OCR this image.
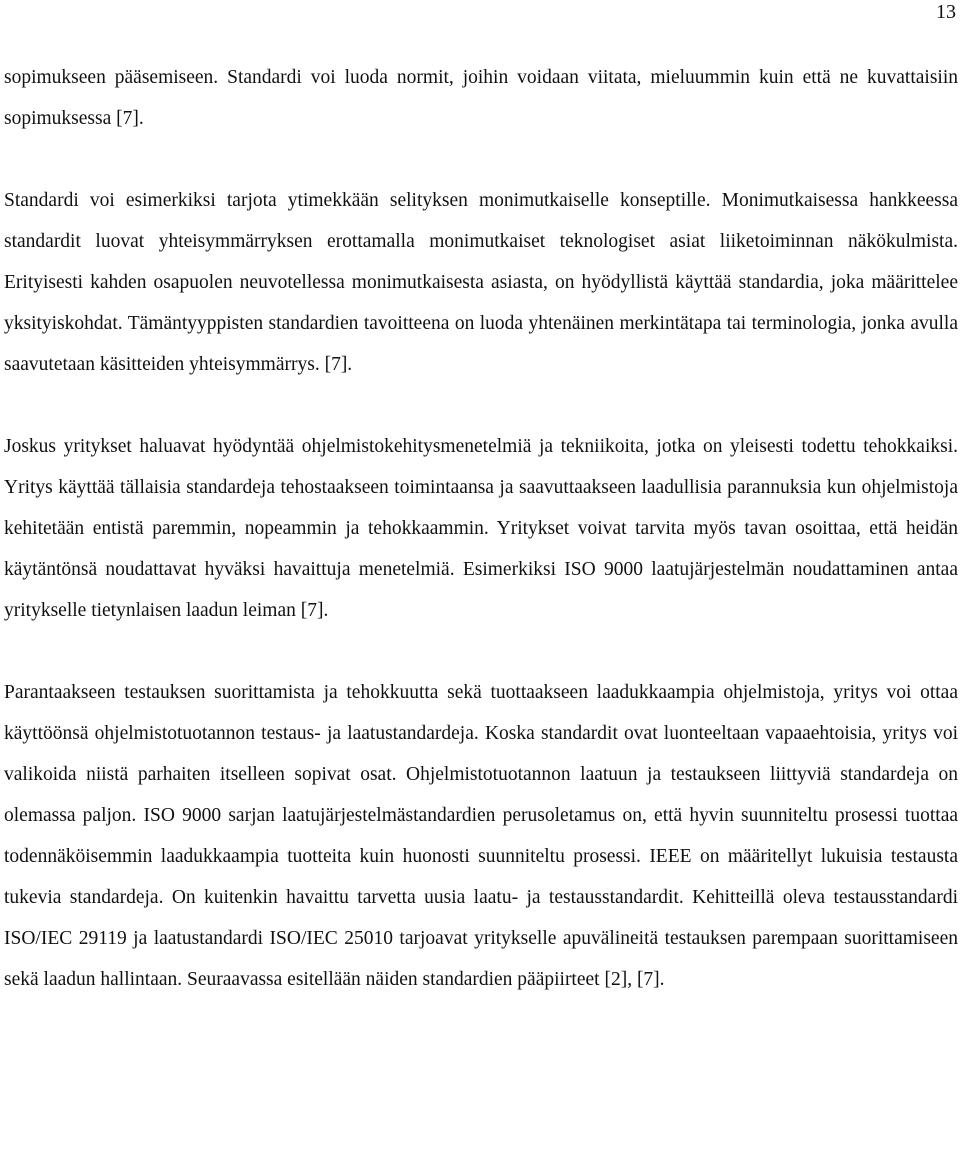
13

sopimukseen pääsemiseen. Standardi voi luoda normit, joihin voidaan viitata, mieluummin kuin että ne kuvattaisiin sopimuksessa [7].

Standardi voi esimerkiksi tarjota ytimekkään selityksen monimutkaiselle konseptille. Monimutkaisessa hankkeessa standardit luovat yhteisymmärryksen erottamalla monimutkaiset teknologiset asiat liiketoiminnan näkökulmista. Erityisesti kahden osapuolen neuvotellessa monimutkaisesta asiasta, on hyödyllistä käyttää standardia, joka määrittelee yksityiskohdat. Tämäntyyppisten standardien tavoitteena on luoda yhtenäinen merkintätapa tai terminologia, jonka avulla saavutetaan käsitteiden yhteisymmärrys. [7].

Joskus yritykset haluavat hyödyntää ohjelmistokehitysmenetelmiä ja tekniikoita, jotka on yleisesti todettu tehokkaiksi. Yritys käyttää tällaisia standardeja tehostaakseen toimintaansa ja saavuttaakseen laadullisia parannuksia kun ohjelmistoja kehitetään entistä paremmin, nopeammin ja tehokkaammin. Yritykset voivat tarvita myös tavan osoittaa, että heidän käytäntönsä noudattavat hyväksi havaittuja menetelmiä. Esimerkiksi ISO 9000 laatujärjestelmän noudattaminen antaa yritykselle tietynlaisen laadun leiman [7].

Parantaakseen testauksen suorittamista ja tehokkuutta sekä tuottaakseen laadukkaampia ohjelmistoja, yritys voi ottaa käyttöönsä ohjelmistotuotannon testaus- ja laatustandardeja. Koska standardit ovat luonteeltaan vapaaehtoisia, yritys voi valikoida niistä parhaiten itselleen sopivat osat. Ohjelmistotuotannon laatuun ja testaukseen liittyviä standardeja on olemassa paljon. ISO 9000 sarjan laatujärjestelmästandardien perusoletamus on, että hyvin suunniteltu prosessi tuottaa todennäköisemmin laadukkaampia tuotteita kuin huonosti suunniteltu prosessi. IEEE on määritellyt lukuisia testausta tukevia standardeja. On kuitenkin havaittu tarvetta uusia laatu- ja testausstandardit. Kehitteillä oleva testausstandardi ISO/IEC 29119 ja laatustandardi ISO/IEC 25010 tarjoavat yritykselle apuvälineitä testauksen parempaan suorittamiseen sekä laadun hallintaan. Seuraavassa esitellään näiden standardien pääpiirteet [2], [7].
